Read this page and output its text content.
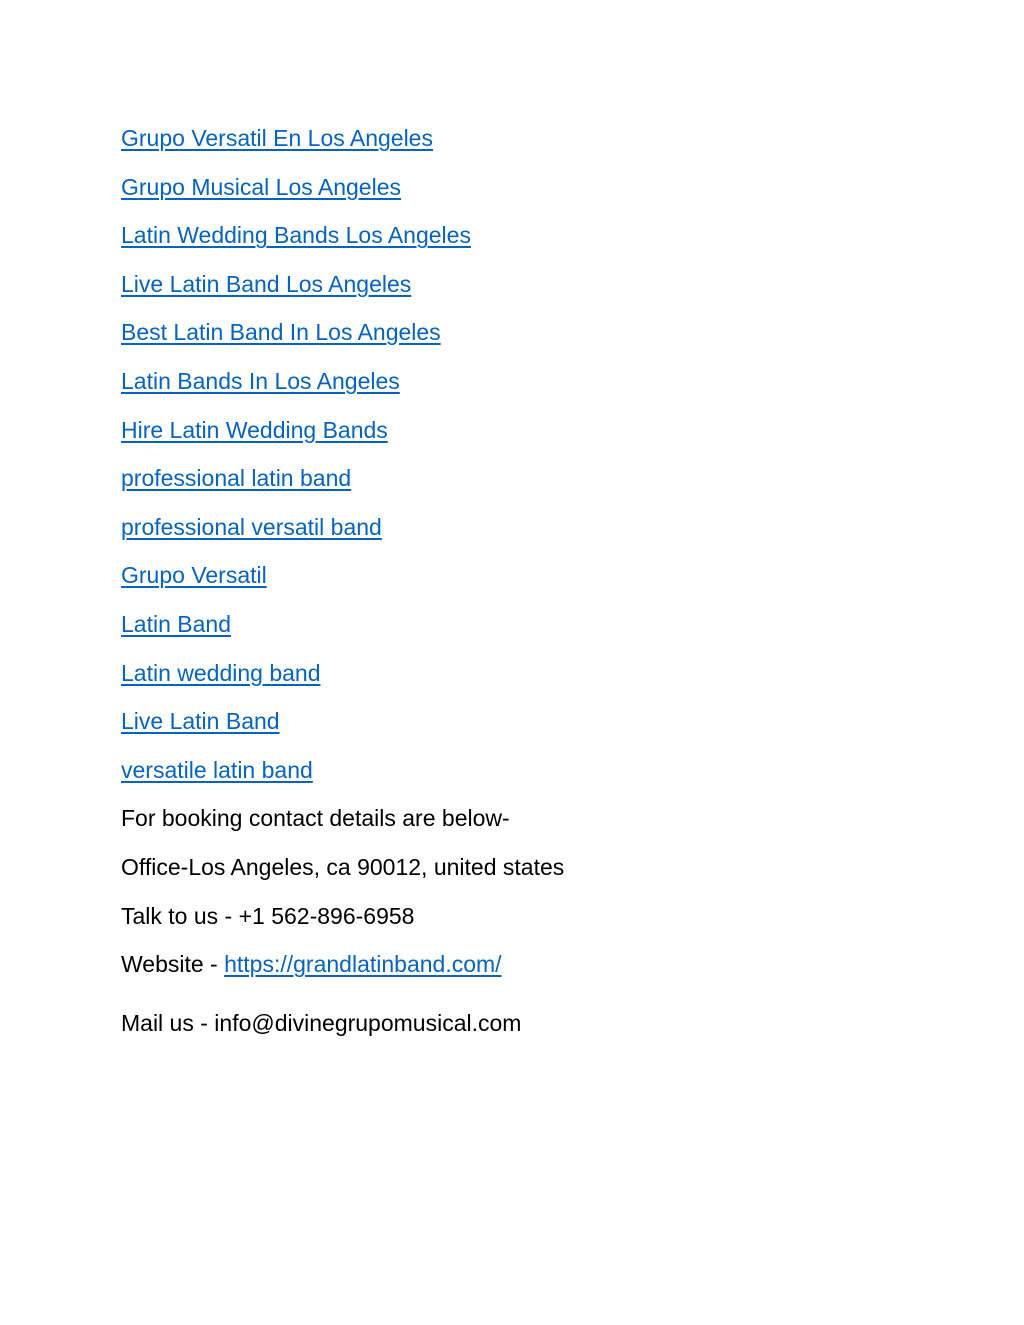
Grupo Versatil En Los Angeles
Grupo Musical Los Angeles
Latin Wedding Bands Los Angeles
Live Latin Band Los Angeles
Best Latin Band In Los Angeles
Latin Bands In Los Angeles
Hire Latin Wedding Bands
professional latin band
professional versatil band
Grupo Versatil
Latin Band
Latin wedding band
Live Latin Band
versatile latin band
For booking contact details are below-
Office-Los Angeles, ca 90012, united states
Talk to us - +1 562-896-6958
Website - https://grandlatinband.com/
Mail us - info@divinegrupomusical.com
